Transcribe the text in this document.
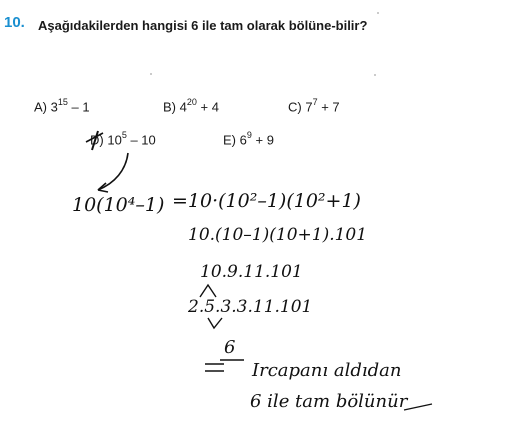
10. Aşağıdakilerden hangisi 6 ile tam olarak bölüne-bilir?
A) $3^{15} - 1$	B) $4^{20} + 4$	C) $7^7 + 7$
D) $10^5 - 10$	E) $6^9 + 9$
10(10⁴–1) =10·(10²–1)(10²+1)
10.(10–1)(10+1).101
10.9.11.101
2.5.3.3.11.101
6
Ircapanı aldıdan
6 ile tam bölünür
